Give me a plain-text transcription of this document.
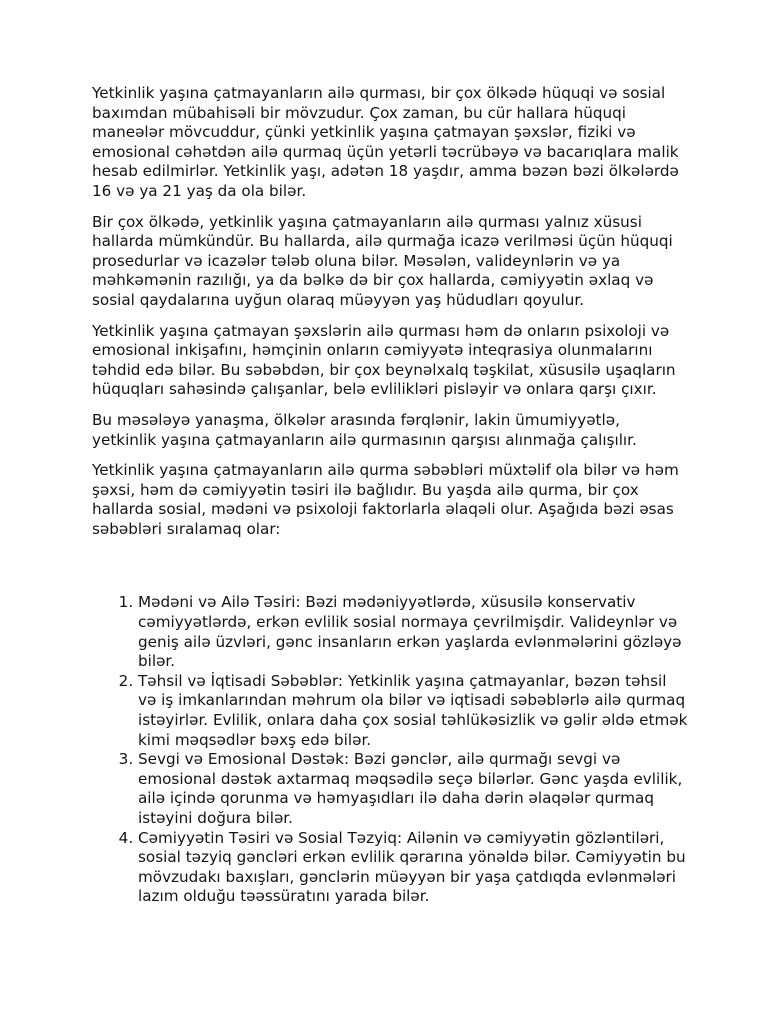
Yetkinlik yaşına çatmayanların ailə qurması, bir çox ölkədə hüquqi və sosial baxımdan mübahisəli bir mövzudur. Çox zaman, bu cür hallara hüquqi maneələr mövcuddur, çünki yetkinlik yaşına çatmayan şəxslər, fiziki və emosional cəhətdən ailə qurmaq üçün yetərli təcrübəyə və bacarıqlara malik hesab edilmirlər. Yetkinlik yaşı, adətən 18 yaşdır, amma bəzən bəzi ölkələrdə 16 və ya 21 yaş da ola bilər.

Bir çox ölkədə, yetkinlik yaşına çatmayanların ailə qurması yalnız xüsusi hallarda mümkündür. Bu hallarda, ailə qurmağa icazə verilməsi üçün hüquqi prosedurlar və icazələr tələb oluna bilər. Məsələn, valideynlərin və ya məhkəmənin razılığı, ya da bəlkə də bir çox hallarda, cəmiyyətin əxlaq və sosial qaydalarına uyğun olaraq müəyyən yaş hüdudları qoyulur.

Yetkinlik yaşına çatmayan şəxslərin ailə qurması həm də onların psixoloji və emosional inkişafını, həmçinin onların cəmiyyətə inteqrasiya olunmalarını təhdid edə bilər. Bu səbəbdən, bir çox beynəlxalq təşkilat, xüsusilə uşaqların hüquqları sahəsində çalışanlar, belə evlilikləri pisləyir və onlara qarşı çıxır.

Bu məsələyə yanaşma, ölkələr arasında fərqlənir, lakin ümumiyyətlə, yetkinlik yaşına çatmayanların ailə qurmasının qarşısı alınmağa çalışılır.

Yetkinlik yaşına çatmayanların ailə qurma səbəbləri müxtəlif ola bilər və həm şəxsi, həm də cəmiyyətin təsiri ilə bağlıdır. Bu yaşda ailə qurma, bir çox hallarda sosial, mədəni və psixoloji faktorlarla əlaqəli olur. Aşağıda bəzi əsas səbəbləri sıralamaq olar:

1. Mədəni və Ailə Təsiri: Bəzi mədəniyyətlərdə, xüsusilə konservativ cəmiyyətlərdə, erkən evlilik sosial normaya çevrilmişdir. Valideynlər və geniş ailə üzvləri, gənc insanların erkən yaşlarda evlənmələrini gözləyə bilər.
2. Təhsil və İqtisadi Səbəblər: Yetkinlik yaşına çatmayanlar, bəzən təhsil və iş imkanlarından məhrum ola bilər və iqtisadi səbəblərlə ailə qurmaq istəyirlər. Evlilik, onlara daha çox sosial təhlükəsizlik və gəlir əldə etmək kimi məqsədlər bəxş edə bilər.
3. Sevgi və Emosional Dəstək: Bəzi gənclər, ailə qurmağı sevgi və emosional dəstək axtarmaq məqsədilə seçə bilərlər. Gənc yaşda evlilik, ailə içində qorunma və həmyaşıdları ilə daha dərin əlaqələr qurmaq istəyini doğura bilər.
4. Cəmiyyətin Təsiri və Sosial Təzyiq: Ailənin və cəmiyyətin gözləntiləri, sosial təzyiq gəncləri erkən evlilik qərarına yönəldə bilər. Cəmiyyətin bu mövzudakı baxışları, gənclərin müəyyən bir yaşa çatdıqda evlənmələri lazım olduğu təəssüratını yarada bilər.
